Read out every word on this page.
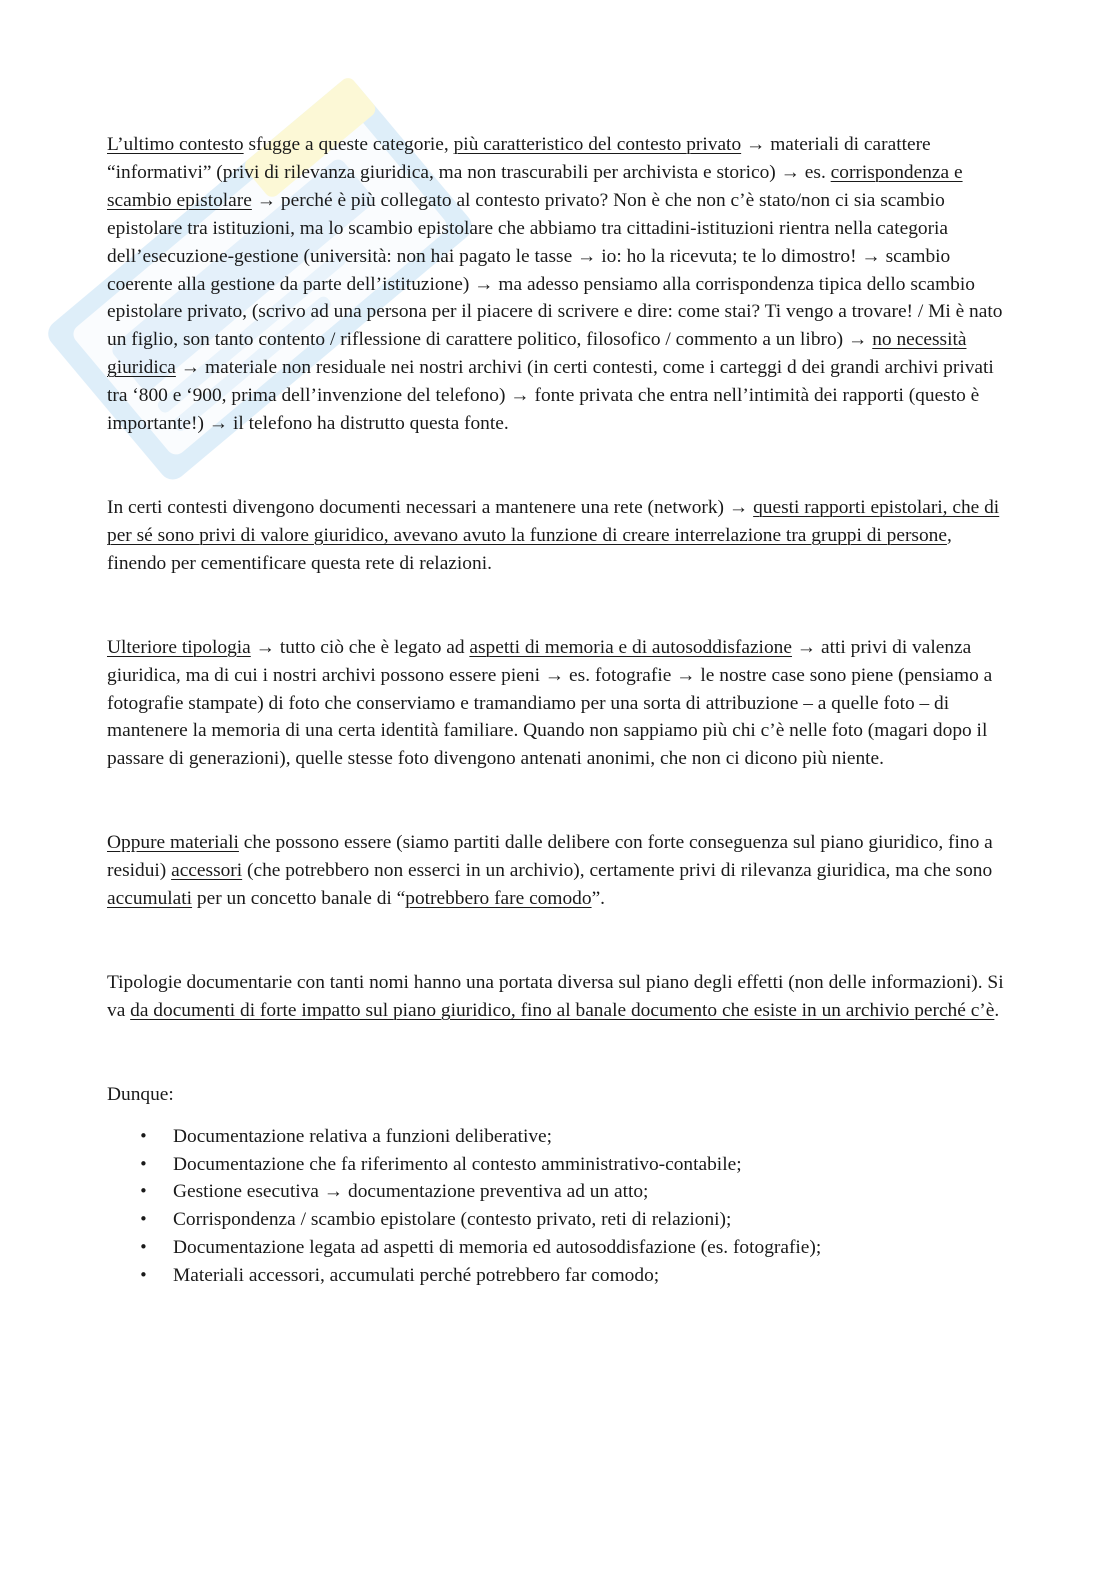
L’ultimo contesto sfugge a queste categorie, più caratteristico del contesto privato → materiali di carattere “informativi” (privi di rilevanza giuridica, ma non trascurabili per archivista e storico) → es. corrispondenza e scambio epistolare → perché è più collegato al contesto privato? Non è che non c’è stato/non ci sia scambio epistolare tra istituzioni, ma lo scambio epistolare che abbiamo tra cittadini-istituzioni rientra nella categoria dell’esecuzione-gestione (università: non hai pagato le tasse → io: ho la ricevuta; te lo dimostro! → scambio coerente alla gestione da parte dell’istituzione) → ma adesso pensiamo alla corrispondenza tipica dello scambio epistolare privato, (scrivo ad una persona per il piacere di scrivere e dire: come stai? Ti vengo a trovare! / Mi è nato un figlio, son tanto contento / riflessione di carattere politico, filosofico / commento a un libro) → no necessità giuridica → materiale non residuale nei nostri archivi (in certi contesti, come i carteggi d dei grandi archivi privati tra ‘800 e ‘900, prima dell’invenzione del telefono) → fonte privata che entra nell’intimità dei rapporti (questo è importante!) → il telefono ha distrutto questa fonte.

In certi contesti divengono documenti necessari a mantenere una rete (network) → questi rapporti epistolari, che di per sé sono privi di valore giuridico, avevano avuto la funzione di creare interrelazione tra gruppi di persone, finendo per cementificare questa rete di relazioni.

Ulteriore tipologia → tutto ciò che è legato ad aspetti di memoria e di autosoddisfazione → atti privi di valenza giuridica, ma di cui i nostri archivi possono essere pieni → es. fotografie → le nostre case sono piene (pensiamo a fotografie stampate) di foto che conserviamo e tramandiamo per una sorta di attribuzione – a quelle foto – di mantenere la memoria di una certa identità familiare. Quando non sappiamo più chi c’è nelle foto (magari dopo il passare di generazioni), quelle stesse foto divengono antenati anonimi, che non ci dicono più niente.

Oppure materiali che possono essere (siamo partiti dalle delibere con forte conseguenza sul piano giuridico, fino a residui) accessori (che potrebbero non esserci in un archivio), certamente privi di rilevanza giuridica, ma che sono accumulati per un concetto banale di “potrebbero fare comodo”.

Tipologie documentarie con tanti nomi hanno una portata diversa sul piano degli effetti (non delle informazioni). Si va da documenti di forte impatto sul piano giuridico, fino al banale documento che esiste in un archivio perché c’è.

Dunque:

• Documentazione relativa a funzioni deliberative;
• Documentazione che fa riferimento al contesto amministrativo-contabile;
• Gestione esecutiva → documentazione preventiva ad un atto;
• Corrispondenza / scambio epistolare (contesto privato, reti di relazioni);
• Documentazione legata ad aspetti di memoria ed autosoddisfazione (es. fotografie);
• Materiali accessori, accumulati perché potrebbero far comodo;
